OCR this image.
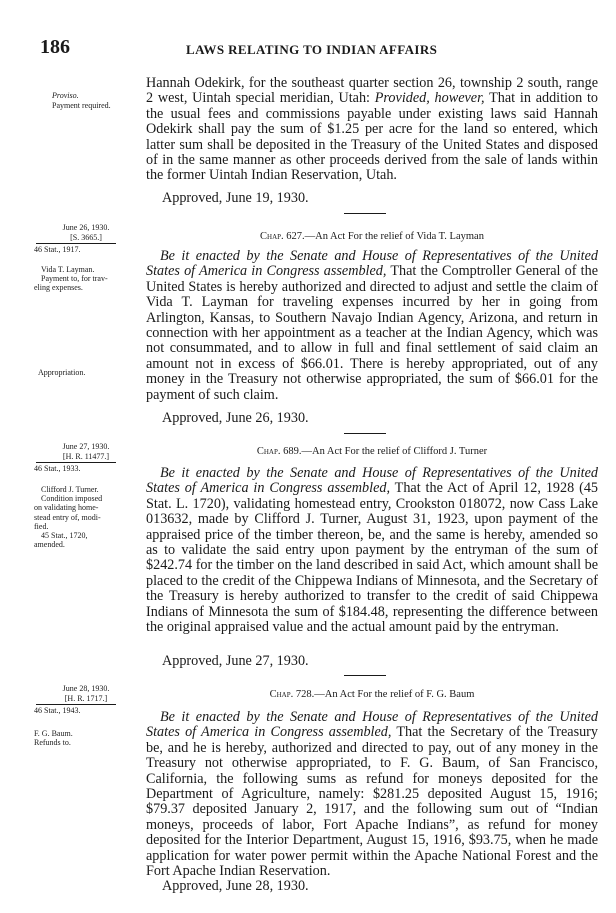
186	LAWS RELATING TO INDIAN AFFAIRS
Proviso.
Payment required.

Hannah Odekirk, for the southeast quarter section 26, township 2 south, range 2 west, Uintah special meridian, Utah: Provided, however, That in addition to the usual fees and commissions payable under existing laws said Hannah Odekirk shall pay the sum of $1.25 per acre for the land so entered, which latter sum shall be deposited in the Treasury of the United States and disposed of in the same manner as other proceeds derived from the sale of lands within the former Uintah Indian Reservation, Utah.

Approved, June 19, 1930.
June 26, 1930.
[S. 3665.]
46 Stat., 1917.
Chap. 627.—An Act For the relief of Vida T. Layman
Vida T. Layman.
Payment to, for trav-
eling expenses.
Appropriation.

Be it enacted by the Senate and House of Representatives of the United States of America in Congress assembled, That the Comptroller General of the United States is hereby authorized and directed to adjust and settle the claim of Vida T. Layman for traveling expenses incurred by her in going from Arlington, Kansas, to Southern Navajo Indian Agency, Arizona, and return in connection with her appointment as a teacher at the Indian Agency, which was not consummated, and to allow in full and final settlement of said claim an amount not in excess of $66.01. There is hereby appropriated, out of any money in the Treasury not otherwise appropriated, the sum of $66.01 for the payment of such claim.

Approved, June 26, 1930.
June 27, 1930.
[H. R. 11477.]
46 Stat., 1933.
Chap. 689.—An Act For the relief of Clifford J. Turner
Clifford J. Turner.
Condition imposed
on validating home-
stead entry of, modi-
fied.
45 Stat., 1720,
amended.

Be it enacted by the Senate and House of Representatives of the United States of America in Congress assembled, That the Act of April 12, 1928 (45 Stat. L. 1720), validating homestead entry, Crookston 018072, now Cass Lake 013632, made by Clifford J. Turner, August 31, 1923, upon payment of the appraised price of the timber thereon, be, and the same is hereby, amended so as to validate the said entry upon payment by the entryman of the sum of $242.74 for the timber on the land described in said Act, which amount shall be placed to the credit of the Chippewa Indians of Minnesota, and the Secretary of the Treasury is hereby authorized to transfer to the credit of said Chippewa Indians of Minnesota the sum of $184.48, representing the difference between the original appraised value and the actual amount paid by the entryman.

Approved, June 27, 1930.
June 28, 1930.
[H. R. 1717.]
46 Stat., 1943.
Chap. 728.—An Act For the relief of F. G. Baum
F. G. Baum.
Refunds to.

Be it enacted by the Senate and House of Representatives of the United States of America in Congress assembled, That the Secretary of the Treasury be, and he is hereby, authorized and directed to pay, out of any money in the Treasury not otherwise appropriated, to F. G. Baum, of San Francisco, California, the following sums as refund for moneys deposited for the Department of Agriculture, namely: $281.25 deposited August 15, 1916; $79.37 deposited January 2, 1917, and the following sum out of “Indian moneys, proceeds of labor, Fort Apache Indians”, as refund for money deposited for the Interior Department, August 15, 1916, $93.75, when he made application for water power permit within the Apache National Forest and the Fort Apache Indian Reservation.

Approved, June 28, 1930.
